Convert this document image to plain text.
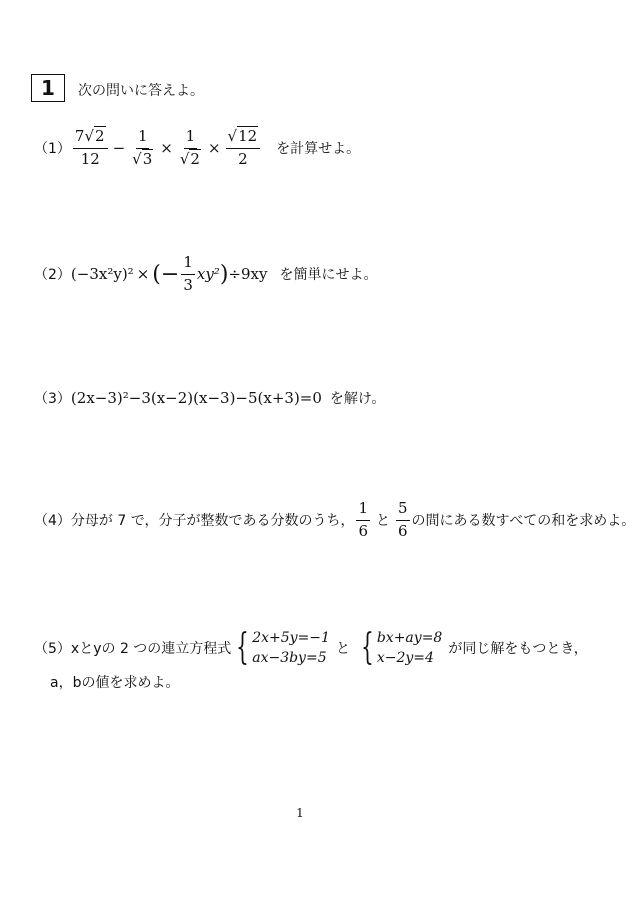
1 次の問いに答えよ。
$(1) \frac{7√2}{12} - \frac{1}{√3} \times \frac{1}{√2} \times \frac{√12}{2}$ を計算せよ。
（2） (−3x²y)² × (− $\frac{1}{3} xy^2$ ) ÷9xy を簡単にせよ。
（3） (2x−3)²−3(x−2)(x−3)−5(x+3)=0 を解け。
（4） 分母が 7 で，分子が整数である分数のうち， $\frac{1}{6}$ と $\frac{5}{6}$ の間にある数すべての和を求めよ。
（5） xとyの 2 つの連立方程式 { 2x+5y=−1
ax−3by=5
と { bx+ay=8
x−2y=4
が同じ解をもつとき，
a，bの値を求めよ。
1
